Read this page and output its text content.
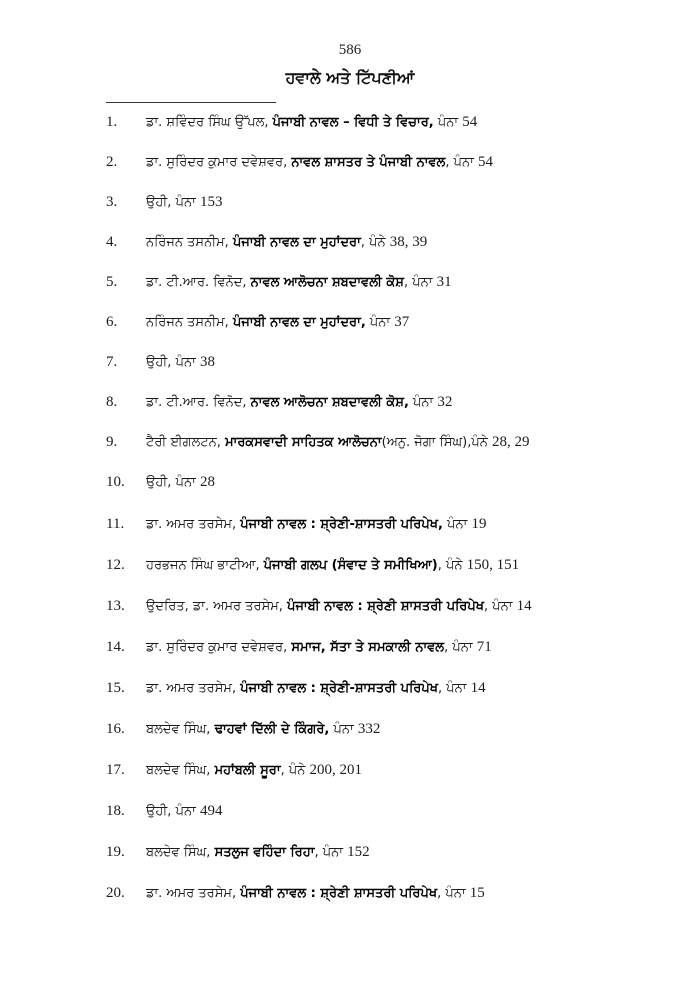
586
ਹਵਾਲੇ ਅਤੇ ਟਿੱਪਣੀਆਂ
1. ਡਾ. ਸ਼ਵਿੰਦਰ ਸਿੰਘ ਉੱਪਲ, ਪੰਜਾਬੀ ਨਾਵਲ – ਵਿਧੀ ਤੇ ਵਿਚਾਰ, ਪੰਨਾ 54
2. ਡਾ. ਸੁਰਿੰਦਰ ਕੁਮਾਰ ਦਵੇਸ਼ਵਰ, ਨਾਵਲ ਸ਼ਾਸਤਰ ਤੇ ਪੰਜਾਬੀ ਨਾਵਲ, ਪੰਨਾ 54
3. ਉਹੀ, ਪੰਨਾ 153
4. ਨਰਿੰਜਨ ਤਸਨੀਮ, ਪੰਜਾਬੀ ਨਾਵਲ ਦਾ ਮੁਹਾਂਦਰਾ, ਪੰਨੇ 38, 39
5. ਡਾ. ਟੀ.ਆਰ. ਵਿਨੋਦ, ਨਾਵਲ ਆਲੋਚਨਾ ਸ਼ਬਦਾਵਲੀ ਕੋਸ਼, ਪੰਨਾ 31
6. ਨਰਿੰਜਨ ਤਸਨੀਮ, ਪੰਜਾਬੀ ਨਾਵਲ ਦਾ ਮੁਹਾਂਦਰਾ, ਪੰਨਾ 37
7. ਉਹੀ, ਪੰਨਾ 38
8. ਡਾ. ਟੀ.ਆਰ. ਵਿਨੋਦ, ਨਾਵਲ ਆਲੋਚਨਾ ਸ਼ਬਦਾਵਲੀ ਕੋਸ਼, ਪੰਨਾ 32
9. ਟੈਰੀ ਈਗਲਟਨ, ਮਾਰਕਸਵਾਦੀ ਸਾਹਿਤਕ ਆਲੋਚਨਾ(ਅਨੁ. ਜੋਗਾ ਸਿੰਘ),ਪੰਨੇ 28, 29
10. ਉਹੀ, ਪੰਨਾ 28
11. ਡਾ. ਅਮਰ ਤਰਸੇਮ, ਪੰਜਾਬੀ ਨਾਵਲ : ਸ਼੍ਰੇਣੀ-ਸ਼ਾਸਤਰੀ ਪਰਿਪੇਖ, ਪੰਨਾ 19
12. ਹਰਭਜਨ ਸਿੰਘ ਭਾਟੀਆ, ਪੰਜਾਬੀ ਗਲਪ (ਸੰਵਾਦ ਤੇ ਸਮੀਖਿਆ), ਪੰਨੇ 150, 151
13. ਉਦਰਿਤ, ਡਾ. ਅਮਰ ਤਰਸੇਮ, ਪੰਜਾਬੀ ਨਾਵਲ : ਸ਼੍ਰੇਣੀ ਸ਼ਾਸਤਰੀ ਪਰਿਪੇਖ, ਪੰਨਾ 14
14. ਡਾ. ਸੁਰਿੰਦਰ ਕੁਮਾਰ ਦਵੇਸ਼ਵਰ, ਸਮਾਜ, ਸੱਤਾ ਤੇ ਸਮਕਾਲੀ ਨਾਵਲ, ਪੰਨਾ 71
15. ਡਾ. ਅਮਰ ਤਰਸੇਮ, ਪੰਜਾਬੀ ਨਾਵਲ : ਸ਼੍ਰੇਣੀ-ਸ਼ਾਸਤਰੀ ਪਰਿਪੇਖ, ਪੰਨਾ 14
16. ਬਲਦੇਵ ਸਿੰਘ, ਢਾਹਵਾਂ ਦਿੱਲੀ ਦੇ ਕਿੰਗਰੇ, ਪੰਨਾ 332
17. ਬਲਦੇਵ ਸਿੰਘ, ਮਹਾਂਬਲੀ ਸੂਰਾ, ਪੰਨੇ 200, 201
18. ਉਹੀ, ਪੰਨਾ 494
19. ਬਲਦੇਵ ਸਿੰਘ, ਸਤਲੁਜ ਵਹਿੰਦਾ ਰਿਹਾ, ਪੰਨਾ 152
20. ਡਾ. ਅਮਰ ਤਰਸੇਮ, ਪੰਜਾਬੀ ਨਾਵਲ : ਸ਼੍ਰੇਣੀ ਸ਼ਾਸਤਰੀ ਪਰਿਪੇਖ, ਪੰਨਾ 15
